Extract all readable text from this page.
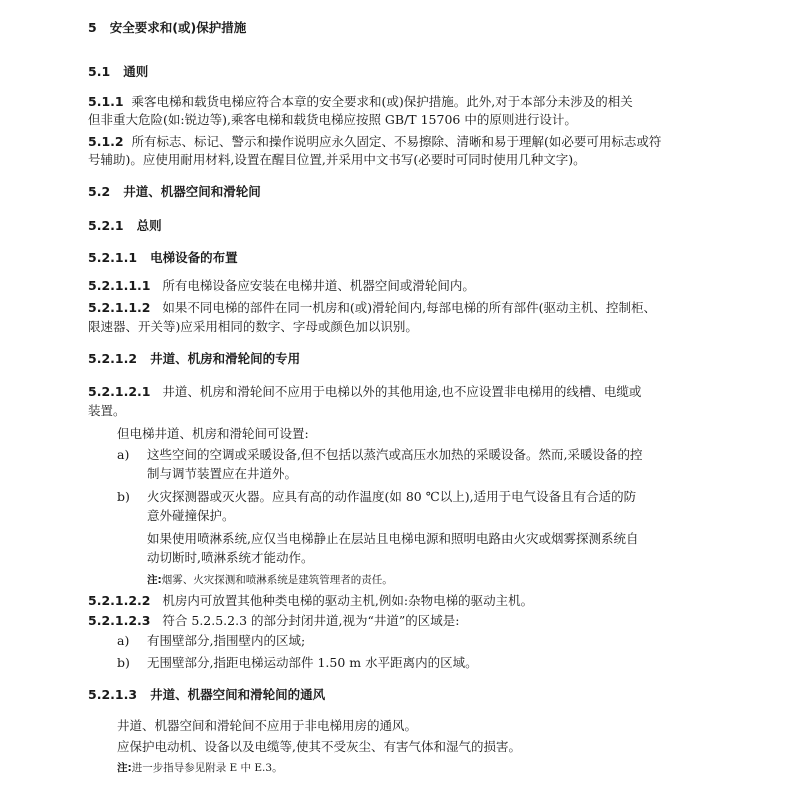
5 安全要求和(或)保护措施
5.1 通则
5.1.1 乘客电梯和载货电梯应符合本章的安全要求和(或)保护措施。此外,对于本部分未涉及的相关
但非重大危险(如:锐边等),乘客电梯和载货电梯应按照 GB/T 15706 中的原则进行设计。
5.1.2 所有标志、标记、警示和操作说明应永久固定、不易擦除、清晰和易于理解(如必要可用标志或符
号辅助)。应使用耐用材料,设置在醒目位置,并采用中文书写(必要时可同时使用几种文字)。
5.2 井道、机器空间和滑轮间
5.2.1 总则
5.2.1.1 电梯设备的布置
5.2.1.1.1 所有电梯设备应安装在电梯井道、机器空间或滑轮间内。
5.2.1.1.2 如果不同电梯的部件在同一机房和(或)滑轮间内,每部电梯的所有部件(驱动主机、控制柜、
限速器、开关等)应采用相同的数字、字母或颜色加以识别。
5.2.1.2 井道、机房和滑轮间的专用
5.2.1.2.1 井道、机房和滑轮间不应用于电梯以外的其他用途,也不应设置非电梯用的线槽、电缆或
装置。
但电梯井道、机房和滑轮间可设置:
a) 这些空间的空调或采暖设备,但不包括以蒸汽或高压水加热的采暖设备。然而,采暖设备的控
制与调节装置应在井道外。
b) 火灾探测器或灭火器。应具有高的动作温度(如 80 ℃以上),适用于电气设备且有合适的防
意外碰撞保护。
如果使用喷淋系统,应仅当电梯静止在层站且电梯电源和照明电路由火灾或烟雾探测系统自
动切断时,喷淋系统才能动作。
注:烟雾、火灾探测和喷淋系统是建筑管理者的责任。
5.2.1.2.2 机房内可放置其他种类电梯的驱动主机,例如:杂物电梯的驱动主机。
5.2.1.2.3 符合 5.2.5.2.3 的部分封闭井道,视为“井道”的区域是:
a) 有围壁部分,指围壁内的区域;
b) 无围壁部分,指距电梯运动部件 1.50 m 水平距离内的区域。
5.2.1.3 井道、机器空间和滑轮间的通风
井道、机器空间和滑轮间不应用于非电梯用房的通风。
应保护电动机、设备以及电缆等,使其不受灰尘、有害气体和湿气的损害。
注:进一步指导参见附录 E 中 E.3。
